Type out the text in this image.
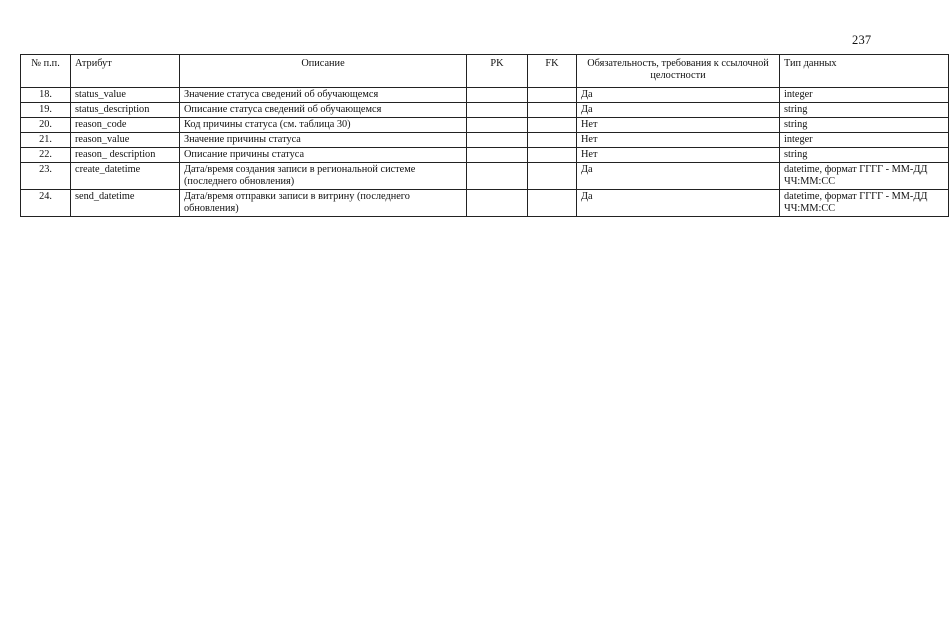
237
№ п.п.	Атрибут	Описание	PK	FK	Обязательность, требования к ссылочной целостности	Тип данных
18.	status_value	Значение статуса сведений об обучающемся			Да	integer
19.	status_description	Описание статуса сведений об обучающемся			Да	string
20.	reason_code	Код причины статуса (см. таблица 30)			Нет	string
21.	reason_value	Значение причины статуса			Нет	integer
22.	reason_ description	Описание причины статуса			Нет	string
23.	create_datetime	Дата/время создания записи в региональной системе (последнего обновления)			Да	datetime, формат ГГГГ - ММ-ДД ЧЧ:ММ:СС
24.	send_datetime	Дата/время отправки записи в витрину (последнего обновления)			Да	datetime, формат ГГГГ - ММ-ДД ЧЧ:ММ:СС
